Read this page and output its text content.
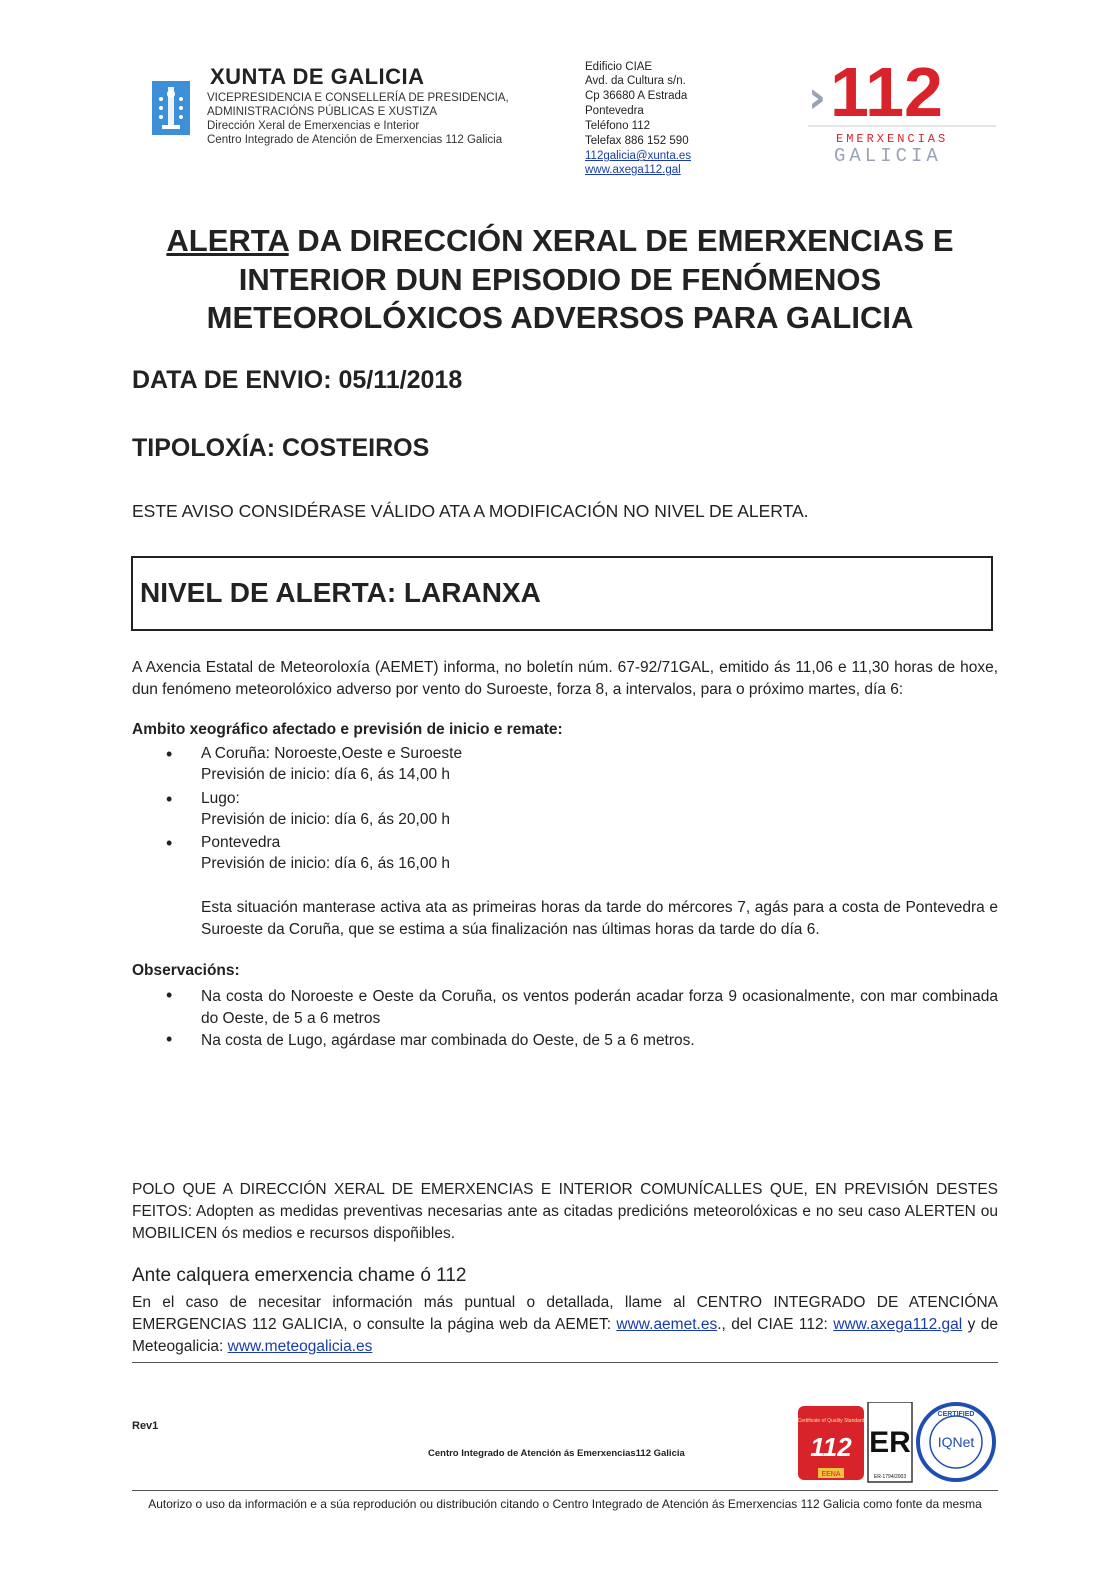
XUNTA DE GALICIA
VICEPRESIDENCIA E CONSELLERÍA DE PRESIDENCIA,
ADMINISTRACIÓNS PÚBLICAS E XUSTIZA
Dirección Xeral de Emerxencias e Interior
Centro Integrado de Atención de Emerxencias 112 Galicia
Edificio CIAE
Avd. da Cultura s/n.
Cp 36680 A Estrada
Pontevedra
Teléfono 112
Telefax 886 152 590
112galicia@xunta.es
www.axega112.gal
› 112
EMERXENCIAS
GALICIA
ALERTA DA DIRECCIÓN XERAL DE EMERXENCIAS E
INTERIOR DUN EPISODIO DE FENÓMENOS
METEOROLÓXICOS ADVERSOS PARA GALICIA
DATA DE ENVIO: 05/11/2018
TIPOLOXÍA: COSTEIROS
ESTE AVISO CONSIDÉRASE VÁLIDO ATA A MODIFICACIÓN NO NIVEL DE ALERTA.
NIVEL DE ALERTA: LARANXA
A Axencia Estatal de Meteoroloxía (AEMET) informa, no boletín núm. 67-92/71GAL, emitido ás 11,06 e 11,30 horas de hoxe, dun fenómeno meteorolóxico adverso por vento do Suroeste, forza 8, a intervalos, para o próximo martes, día 6:
Ambito xeográfico afectado e previsión de inicio e remate:
• A Coruña: Noroeste,Oeste e Suroeste
Previsión de inicio: día 6, ás 14,00 h
• Lugo:
Previsión de inicio: día 6, ás 20,00 h
• Pontevedra
Previsión de inicio: día 6, ás 16,00 h
Esta situación manterase activa ata as primeiras horas da tarde do mércores 7, agás para a costa de Pontevedra e Suroeste da Coruña, que se estima a súa finalización nas últimas horas da tarde do día 6.
Observacións:
• Na costa do Noroeste e Oeste da Coruña, os ventos poderán acadar forza 9 ocasionalmente, con mar combinada do Oeste, de 5 a 6 metros
• Na costa de Lugo, agárdase mar combinada do Oeste, de 5 a 6 metros.
POLO QUE A DIRECCIÓN XERAL DE EMERXENCIAS E INTERIOR COMUNÍCALLES QUE, EN PREVISIÓN DESTES FEITOS: Adopten as medidas preventivas necesarias ante as citadas predicións meteorolóxicas e no seu caso ALERTEN ou MOBILICEN ós medios e recursos dispoñibles.
Ante calquera emerxencia chame ó 112
En el caso de necesitar información más puntual o detallada, llame al CENTRO INTEGRADO DE ATENCIÓNA EMERGENCIAS 112 GALICIA, o consulte la página web da AEMET: www.aemet.es., del CIAE 112: www.axega112.gal y de Meteogalicia: www.meteogalicia.es
Rev1
Centro Integrado de Atención ás Emerxencias112 Galicia
Certificate of Quality Standard
112
EENA
ER
ER-1794/2003
CERTIFIED
IQNet
Autorizo o uso da información e a súa reprodución ou distribución citando o Centro Integrado de Atención ás Emerxencias 112 Galicia como fonte da mesma
